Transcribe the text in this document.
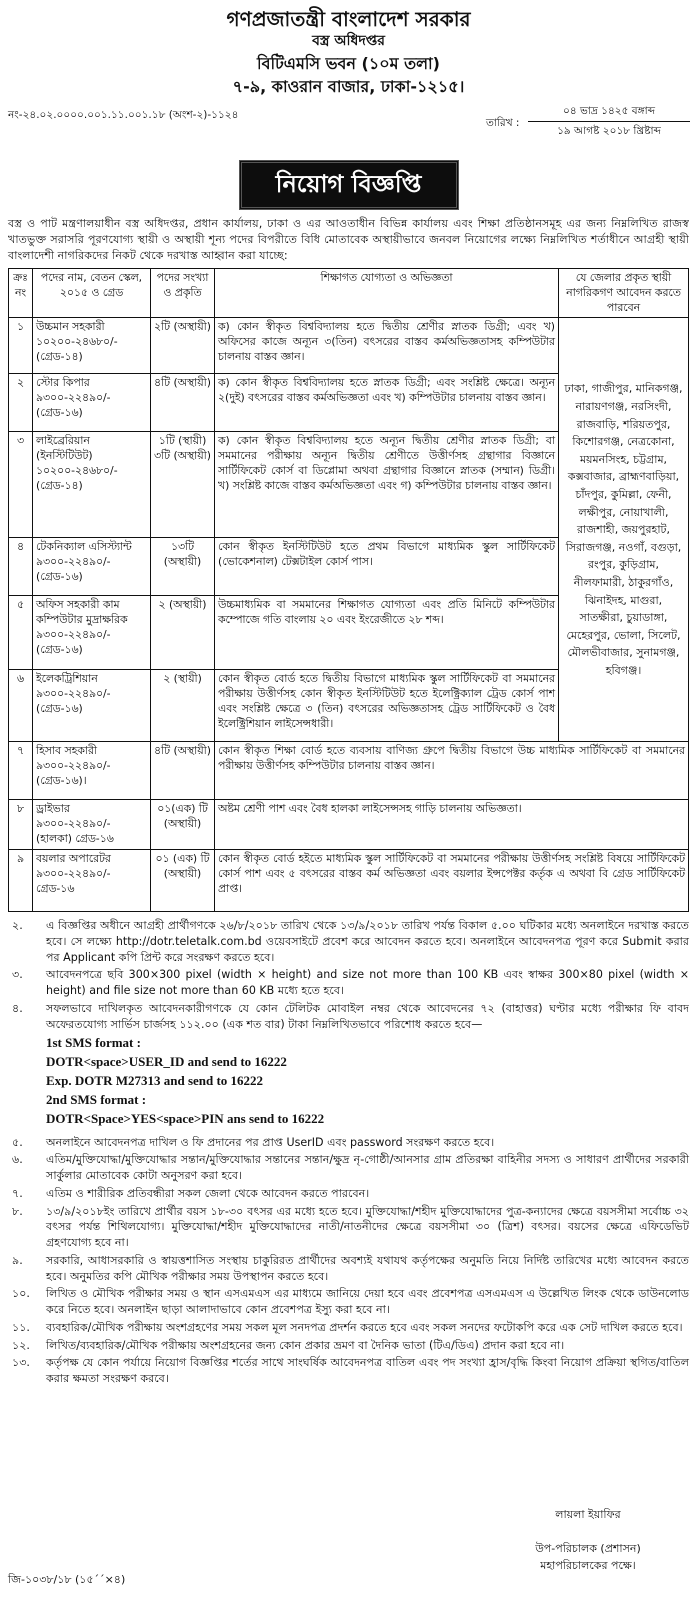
গণপ্রজাতন্ত্রী বাংলাদেশ সরকার
বস্ত্র অধিদপ্তর
বিটিএমসি ভবন (১০ম তলা)
৭-৯, কাওরান বাজার, ঢাকা-১২১৫।
নং-২৪.০২.০০০০.০০১.১১.০০১.১৮ (অংশ-২)-১১২৪
তারিখ :
০৪ ভাদ্র ১৪২৫ বঙ্গাব্দ
১৯ আগষ্ট ২০১৮ খ্রিষ্টাব্দ
নিয়োগ বিজ্ঞপ্তি
বস্ত্র ও পাট মন্ত্রণালয়াধীন বস্ত্র অধিদপ্তর, প্রধান কার্যালয়, ঢাকা ও এর আওতাধীন বিভিন্ন কার্যালয় এবং শিক্ষা প্রতিষ্ঠানসমূহ এর জন্য নিম্নলিখিত রাজস্ব খাতভুক্ত সরাসরি পূরণযোগ্য স্থায়ী ও অস্থায়ী শূন্য পদের বিপরীতে বিধি মোতাবেক অস্থায়ীভাবে জনবল নিয়োগের লক্ষ্যে নিম্নলিখিত শর্তাধীনে আগ্রহী স্থায়ী বাংলাদেশী নাগরিকদের নিকট থেকে দরখাস্ত আহ্বান করা যাচ্ছে:
ক্রঃ নং	পদের নাম, বেতন স্কেল, ২০১৫ ও গ্রেড	পদের সংখ্যা ও প্রকৃতি	শিক্ষাগত যোগ্যতা ও অভিজ্ঞতা	যে জেলার প্রকৃত স্থায়ী নাগরিকগণ আবেদন করতে পারবেন
১	উচ্চমান সহকারী ১০২০০-২৪৬৮০/- (গ্রেড-১৪)	২টি (অস্থায়ী)	ক) কোন স্বীকৃত বিশ্ববিদ্যালয় হতে দ্বিতীয় শ্রেণীর স্নাতক ডিগ্রী; এবং খ) অফিসের কাজে অন্যূন ৩(তিন) বৎসরের বাস্তব কর্মঅভিজ্ঞতাসহ কম্পিউটার চালনায় বাস্তব জ্ঞান।	ঢাকা, গাজীপুর, মানিকগঞ্জ, নারায়ণগঞ্জ, নরসিংদী, রাজবাড়ি, শরিয়তপুর, কিশোরগঞ্জ, নেত্রকোনা, ময়মনসিংহ, চট্টগ্রাম, কক্সবাজার, ব্রাহ্মণবাড়িয়া, চাঁদপুর, কুমিল্লা, ফেনী, লক্ষীপুর, নোয়াখালী, রাজশাহী, জয়পুরহাট, সিরাজগঞ্জ, নওগাঁ, বগুড়া, রংপুর, কুড়িগ্রাম, নীলফামারী, ঠাকুরগাঁও, ঝিনাইদহ, মাগুরা, সাতক্ষীরা, চুয়াডাঙ্গা, মেহেরপুর, ভোলা, সিলেট, মৌলভীবাজার, সুনামগঞ্জ, হবিগঞ্জ।
২	স্টোর কিপার ৯৩০০-২২৪৯০/- (গ্রেড-১৬)	৪টি (অস্থায়ী)	ক) কোন স্বীকৃত বিশ্ববিদ্যালয় হতে স্নাতক ডিগ্রী; এবং সংশ্লিষ্ট ক্ষেত্রে। অন্যূন ২(দুই) বৎসরের বাস্তব কর্মঅভিজ্ঞতা এবং খ) কম্পিউটার চালনায় বাস্তব জ্ঞান।	
৩	লাইব্রেরিয়ান (ইনস্টিটিউট) ১০২০০-২৪৬৮০/- (গ্রেড-১৪)	১টি (স্থায়ী) ৩টি (অস্থায়ী)	ক) কোন স্বীকৃত বিশ্ববিদ্যালয় হতে অন্যূন দ্বিতীয় শ্রেণীর স্নাতক ডিগ্রী; বা সমমানের পরীক্ষায় অন্যূন দ্বিতীয় শ্রেণীতে উত্তীর্ণসহ গ্রন্থাগার বিজ্ঞানে সার্টিফিকেট কোর্স বা ডিপ্লোমা অথবা গ্রন্থাগার বিজ্ঞানে স্নাতক (সম্মান) ডিগ্রী। খ) সংশ্লিষ্ট কাজে বাস্তব কর্মঅভিজ্ঞতা এবং গ) কম্পিউটার চালনায় বাস্তব জ্ঞান।	
৪	টেকনিক্যাল এসিস্ট্যান্ট ৯৩০০-২২৪৯০/- (গ্রেড-১৬)	১৩টি (অস্থায়ী)	কোন স্বীকৃত ইনস্টিটিউট হতে প্রথম বিভাগে মাধ্যমিক স্কুল সার্টিফিকেট (ভোকেশনাল) টেক্সটাইল কোর্স পাস।	
৫	অফিস সহকারী কাম কম্পিউটার মুদ্রাক্ষরিক ৯৩০০-২২৪৯০/- (গ্রেড-১৬)	২ (অস্থায়ী)	উচ্চমাধ্যমিক বা সমমানের শিক্ষাগত যোগ্যতা এবং প্রতি মিনিটে কম্পিউটার কম্পোজে গতি বাংলায় ২০ এবং ইংরেজীতে ২৮ শব্দ।	
৬	ইলেকট্রিশিয়ান ৯৩০০-২২৪৯০/- (গ্রেড-১৬)	২ (স্থায়ী)	কোন স্বীকৃত বোর্ড হতে দ্বিতীয় বিভাগে মাধ্যমিক স্কুল সার্টিফিকেট বা সমমানের পরীক্ষায় উত্তীর্ণসহ কোন স্বীকৃত ইনস্টিটিউট হতে ইলেক্ট্রিক্যাল ট্রেড কোর্স পাশ এবং সংশ্লিষ্ট ক্ষেত্রে ৩ (তিন) বৎসরের অভিজ্ঞতাসহ ট্রেড সার্টিফিকেট ও বৈধ ইলেক্ট্রিশিয়ান লাইসেন্সধারী।	
৭	হিসাব সহকারী ৯৩০০-২২৪৯০/- (গ্রেড-১৬)।	৪টি (অস্থায়ী)	কোন স্বীকৃত শিক্ষা বোর্ড হতে ব্যবসায় বাণিজ্য গ্রুপে দ্বিতীয় বিভাগে উচ্চ মাধ্যমিক সার্টিফিকেট বা সমমানের পরীক্ষায় উত্তীর্ণসহ কম্পিউটার চালনায় বাস্তব জ্ঞান।	
৮	ড্রাইভার ৯৩০০-২২৪৯০/- (হালকা) গ্রেড-১৬	০১(এক) টি (অস্থায়ী)	অষ্টম শ্রেণী পাশ এবং বৈধ হালকা লাইসেন্সসহ গাড়ি চালনায় অভিজ্ঞতা।	
৯	বয়লার অপারেটর ৯৩০০-২২৪৯০/- গ্রেড-১৬	০১ (এক) টি (অস্থায়ী)	কোন স্বীকৃত বোর্ড হইতে মাধ্যমিক স্কুল সার্টিফিকেট বা সমমানের পরীক্ষায় উত্তীর্ণসহ সংশ্লিষ্ট বিষয়ে সার্টিফিকেট কোর্স পাশ এবং ৫ বৎসরের বাস্তব কর্ম অভিজ্ঞতা এবং বয়লার ইন্সপেক্টর কর্তৃক এ অথবা বি গ্রেড সার্টিফিকেট প্রাপ্ত।	
২.	এ বিজ্ঞপ্তির অধীনে আগ্রহী প্রার্থীগণকে ২৬/৮/২০১৮ তারিখ থেকে ১৩/৯/২০১৮ তারিখ পর্যন্ত বিকাল ৫.০০ ঘটিকার মধ্যে অনলাইনে দরখাস্ত করতে হবে। সে লক্ষ্যে http://dotr.teletalk.com.bd ওয়েবসাইটে প্রবেশ করে আবেদন করতে হবে। অনলাইনে আবেদনপত্র পূরণ করে Submit করার পর Applicant কপি প্রিন্ট করে সংরক্ষণ করতে হবে।
৩.	আবেদনপত্রে ছবি 300×300 pixel (width × height) and size not more than 100 KB এবং স্বাক্ষর 300×80 pixel (width × height) and file size not more than 60 KB মধ্যে হতে হবে।
৪.	সফলভাবে দাখিলকৃত আবেদনকারীগণকে যে কোন টেলিটক মোবাইল নম্বর থেকে আবেদনের ৭২ (বাহাত্তর) ঘণ্টার মধ্যে পরীক্ষার ফি বাবদ অফেরতযোগ্য সার্ভিস চার্জসহ ১১২.০০ (এক শত বার) টাকা নিম্নলিখিতভাবে পরিশোধ করতে হবে—
1st SMS format :
DOTR<space>USER_ID and send to 16222
Exp. DOTR M27313 and send to 16222
2nd SMS format :
DOTR<Space>YES<space>PIN ans send to 16222
৫.	অনলাইনে আবেদনপত্র দাখিল ও ফি প্রদানের পর প্রাপ্ত UserID এবং password সংরক্ষণ করতে হবে।
৬.	এতিম/মুক্তিযোদ্ধা/মুক্তিযোদ্ধার সন্তান/মুক্তিযোদ্ধার সন্তানের সন্তান/ক্ষুদ্র নৃ-গোষ্ঠী/আনসার গ্রাম প্রতিরক্ষা বাহিনীর সদস্য ও সাধারণ প্রার্থীদের সরকারী সার্কুলার মোতাবেক কোটা অনুসরণ করা হবে।
৭.	এতিম ও শারীরিক প্রতিবন্ধীরা সকল জেলা থেকে আবেদন করতে পারবেন।
৮.	১৩/৯/২০১৮ইং তারিখে প্রার্থীর বয়স ১৮-৩০ বৎসর এর মধ্যে হতে হবে। মুক্তিযোদ্ধা/শহীদ মুক্তিযোদ্ধাদের পুত্র-কন্যাদের ক্ষেত্রে বয়সসীমা সর্বোচ্চ ৩২ বৎসর পর্যন্ত শিথিলযোগ্য। মুক্তিযোদ্ধা/শহীদ মুক্তিযোদ্ধাদের নাতী/নাতনীদের ক্ষেত্রে বয়সসীমা ৩০ (ত্রিশ) বৎসর। বয়সের ক্ষেত্রে এফিডেভিট গ্রহণযোগ্য হবে না।
৯.	সরকারি, আধাসরকারি ও স্বায়ত্তশাসিত সংস্থায় চাকুরিরত প্রার্থীদের অবশ্যই যথাযথ কর্তৃপক্ষের অনুমতি নিয়ে নির্দিষ্ট তারিখের মধ্যে আবেদন করতে হবে। অনুমতির কপি মৌখিক পরীক্ষার সময় উপস্থাপন করতে হবে।
১০.	লিখিত ও মৌখিক পরীক্ষার সময় ও স্থান এসএমএস এর মাধ্যমে জানিয়ে দেয়া হবে এবং প্রবেশপত্র এসএমএস এ উল্লেখিত লিংক থেকে ডাউনলোড করে নিতে হবে। অনলাইন ছাড়া আলাদাভাবে কোন প্রবেশপত্র ইস্যু করা হবে না।
১১.	ব্যবহারিক/মৌখিক পরীক্ষায় অংশগ্রহণের সময় সকল মূল সনদপত্র প্রদর্শন করতে হবে এবং সকল সনদের ফটোকপি করে এক সেট দাখিল করতে হবে।
১২.	লিখিত/ব্যবহারিক/মৌখিক পরীক্ষায় অংশগ্রহনের জন্য কোন প্রকার ভ্রমণ বা দৈনিক ভাতা (টিএ/ডিএ) প্রদান করা হবে না।
১৩.	কর্তৃপক্ষ যে কোন পর্যায়ে নিয়োগ বিজ্ঞপ্তির শর্তের সাথে সাংঘর্ষিক আবেদনপত্র বাতিল এবং পদ সংখ্যা হ্রাস/বৃদ্ধি কিংবা নিয়োগ প্রক্রিয়া স্থগিত/বাতিল করার ক্ষমতা সংরক্ষণ করবে।
লায়লা ইয়াফির
উপ-পরিচালক (প্রশাসন)
মহাপরিচালকের পক্ষে।
জি-১০৩৮/১৮ (১৫´´×৪)
